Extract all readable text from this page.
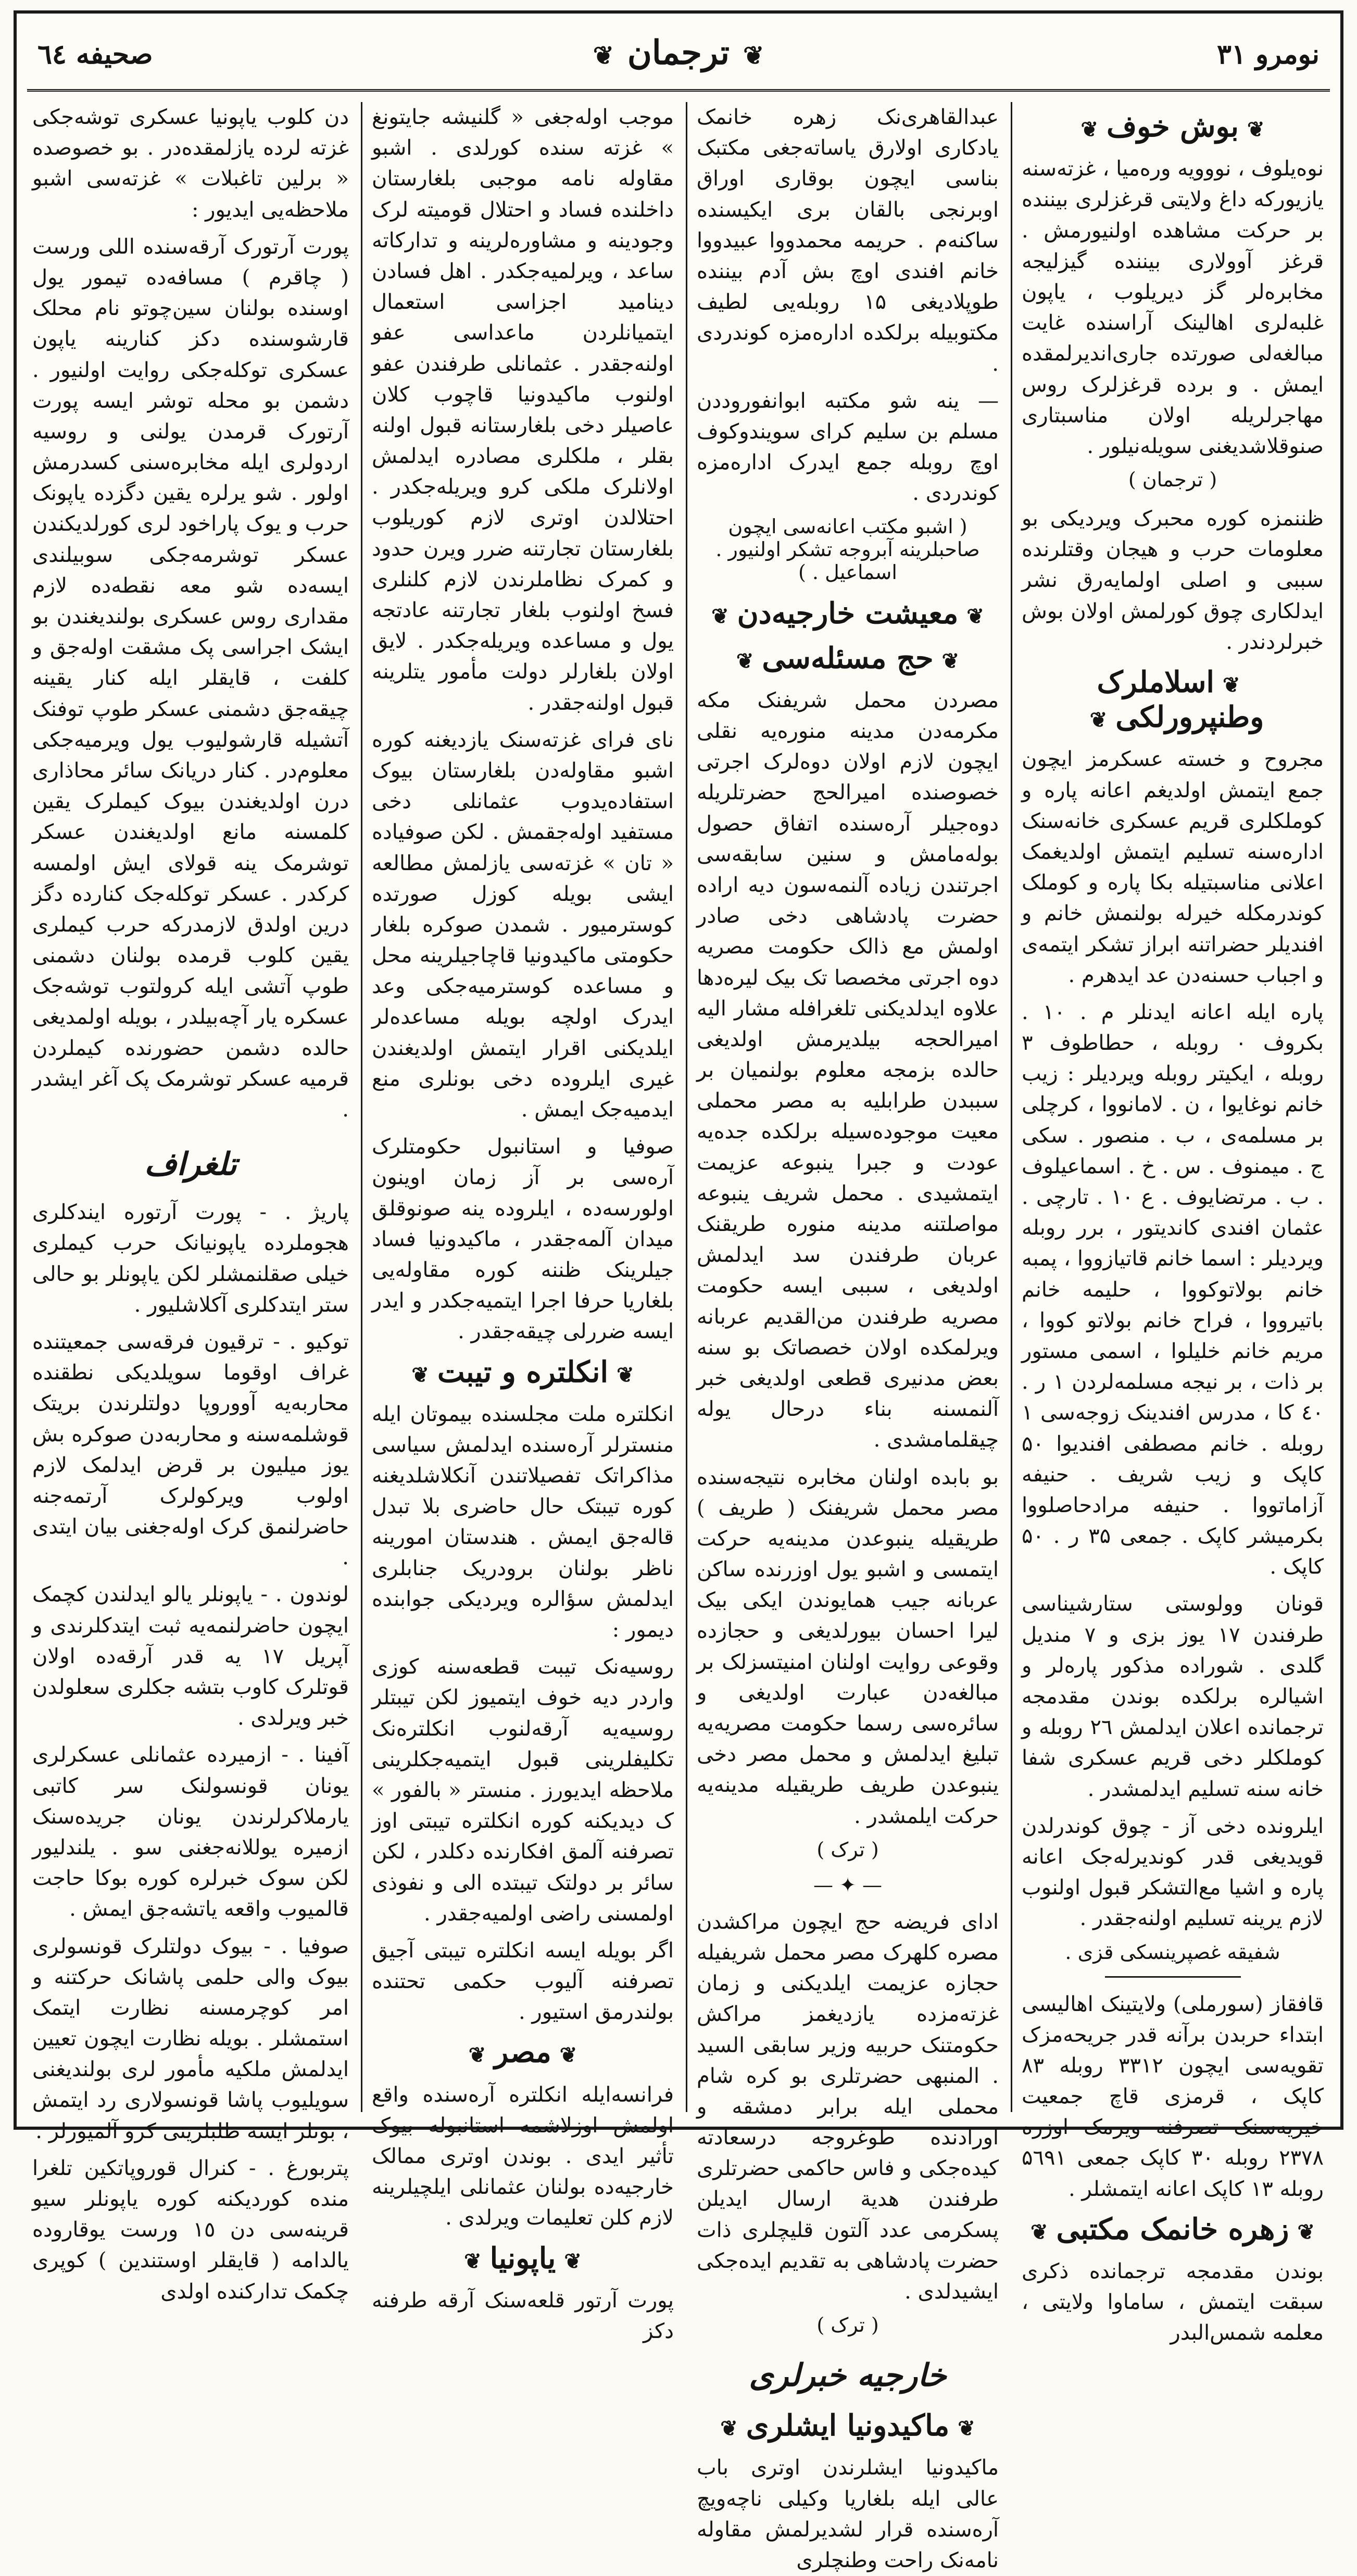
نومرو ٣١
❦ترجمان❦
صحيفه ٦٤
❦بوش خوف❦

نوەیلوف ، نووویه وره‌میا ، غزته‌سنه یازیورکه داغ ولایتی قرغزلری بیننده بر حرکت مشاهده اولنیورمش . قرغز آوولاری بیننده گیزلیجه مخابره‌لر گز دیریلوب ، یاپون غلبه‌لری اهالینک آراسنده غایت مبالغه‌لی صورتده جاری‌اندیرلمقده ایمش . و برده قرغزلرک روس مهاجرلریله اولان مناسبتاری صنوقلاشدیغنی سویله‌نیلور .

( ترجمان )

ظننمزه کوره محبرک ویردیکی بو معلومات حرب و هیجان وقتلرنده سببی و اصلی اولمایه‌رق نشر ایدلکاری چوق کورلمش اولان بوش خبرلردندر .

❦اسلاملرک وطنپرورلکی❦

مجروح و خسته عسکرمز ایچون جمع ایتمش اولدیغم اعانه پاره و کوملکلری قریم عسکری خانه‌سنک اداره‌سنه تسلیم ایتمش اولدیغمک اعلانی مناسبتیله بکا پاره و کوملک کوندرمکله خیرله بولنمش خانم و افندیلر حضراتنه ابراز تشکر ایتمه‌ی و اجباب حسنه‌دن عد ایدهرم .

پاره ایله اعانه ایدنلر م . ۱۰ . بکروف ۰ روبله ، حطاطوف ۳ روبله ، ایکیتر روبله ویردیلر : زیب خانم نوغایوا ، ن . لامانووا ، کرچلی بر مسلمه‌ی ، ب . منصور . سکی ج . میمنوف . س . خ . اسماعیلوف . ب . مرتضایوف . ع ۱۰ . تارچی . عثمان افندی کاندیتور ، برر روبله ویردیلر : اسما خانم قاتیازووا ، پمبه خانم بولاتوکووا ، حلیمه خانم باتیرووا ، فراح خانم بولاتو کووا ، مریم خانم خلیلوا ، اسمی مستور بر ذات ، بر نیجه مسلمه‌لردن ۱ ر . ٤٠ کا ، مدرس افندینک زوجه‌سی ۱ روبله . خانم مصطفی افندیوا ۵۰ کاپک و زیب شریف . حنیفه آزاماتووا . حنیفه مرادحاصلووا بکرمیشر کاپک . جمعی ۳۵ ر . ۵۰ کاپک .

قونان وولوستی ستارشیناسی طرفندن ۱۷ یوز بزی و ۷ مندیل گلدی . شوراده مذکور پارەلر و اشیالره برلکده بوندن مقدمجه ترجمانده اعلان ایدلمش ۲٦ روبله و کوملکلر دخی قریم عسکری شفا خانه سنه تسلیم ایدلمشدر .

ایلرونده دخی آز - چوق کوندرلدن قویدیغی قدر کوندیرله‌جک اعانه پاره و اشیا مع‌التشکر قبول اولنوب لازم یرینه تسلیم اولنه‌جقدر .

شفیقه غصپرینسکی قزی .

قافقاز (سورملی) ولایتینک اهالیسی ابتداء حربدن برآنه قدر جریحه‌مزک تقویه‌سی ایچون ۳۳۱۲ روبله ۸۳ کاپک ، قرمزی قاچ جمعیت خیریه‌سنک تصرفنه ویرمک اوزره ۲۳۷۸ روبله ۳۰ کاپک جمعی ۵٦۹۱ روبله ۱۳ کاپک اعانه ایتمشلر .

❦زهره خانمک مکتبی❦

بوندن مقدمجه ترجمانده ذکری سبقت ایتمش ، ساماوا ولایتی ، معلمه شمس‌البدر

عبدالقاهری‌نک زهره خانمک یادکاری اولارق یاساته‌جغی مکتبک بناسی ایچون بوقاری اوراق اوبرنجی بالقان بری ایکیسنده ساکنه‌م . حریمه محمدووا عبیدووا خانم افندی اوچ بش آدم بیننده طوپلادیغی ۱۵ روبله‌یی لطیف مکتوبیله برلکده اداره‌مزه کوندردی .

— ینه شو مکتبه ابوانفوروددن مسلم بن سلیم کرای سویندوکوف اوچ روبله جمع ایدرک اداره‌مزه کوندردی .

( اشبو مکتب اعانه‌سی ایچون صاحبلرینه آبروجه تشکر اولنیور . اسماعیل . )
❦معیشت خارجیه‌دن❦
❦حج مسئله‌سی❦

مصردن محمل شریفنک مکه مکرمه‌دن مدینه منوره‌یه نقلی ایچون لازم اولان دوه‌لرک اجرتی خصوصنده امیرالحج حضرتلریله دوه‌جیلر آره‌سنده اتفاق حصول بوله‌مامش و سنین سابقه‌سی اجرتندن زیاده آلنمه‌سون دیه اراده حضرت پادشاهی دخی صادر اولمش مع ذالک حکومت مصریه دوه اجرتی مخصصا تک بیک لیره‌دها علاوه ایدلدیکنی تلغرافله مشار الیه امیرالحجه بیلدیرمش اولدیغی حالده بزمجه معلوم بولنمیان بر سببدن طرابلیه به مصر محملی معیت موجوده‌سیله برلکده جده‌یه عودت و جبرا ینبوعه عزیمت ایتمشیدی . محمل شریف ینبوعه مواصلتنه مدینه منوره طریقنک عربان طرفندن سد ایدلمش اولدیغی ، سببی ایسه حکومت مصریه طرفندن من‌القدیم عربانه ویرلمکده اولان خصصاتک بو سنه بعض مدنیری قطعی اولدیغی خبر آلنمسنه بناء درحال یوله چیقلمامشدی .

بو بابده اولنان مخابره نتیجه‌سنده مصر محمل شریفنک ( طریف ) طریقیله ینبوعدن مدینه‌یه حرکت ایتمسی و اشبو یول اوزرنده ساکن عربانه جیب همایوندن ایکی بیک لیرا احسان بیورلدیغی و حجازده وقوعی روایت اولنان امنیتسزلک بر مبالغه‌دن عبارت اولدیغی و سائره‌سی رسما حکومت مصریه‌یه تبلیغ ایدلمش و محمل مصر دخی ینبوعدن طریف طریقیله مدینه‌یه حرکت ایلمشدر .

( ترک )
— ✦ —

ادای فریضه حج ایچون مراکشدن مصره کلهرک مصر محمل شریفیله حجازه عزیمت ایلدیکنی و زمان غزته‌مزده یازدیغمز مراکش حکومتنک حربیه وزیر سابقی السید . المنبهی حضرتلری بو کره شام محملی ایله برابر دمشقه و اورادنده طوغروجه درسعادته کیده‌جکی و فاس حاکمی حضرتلری طرفندن هدیة ارسال ایدیلن پسکرمی عدد آلتون قلیچلری ذات حضرت پادشاهی به تقدیم ایده‌جکی ایشیدلدی .

( ترک )
خارجیه خبرلری
❦ماکیدونیا ایشلری❦

ماکیدونیا ایشلرندن اوتری باب عالی ایله بلغاریا وکیلی ناچه‌ویچ آره‌سنده قرار لشدیرلمش مقاوله نامه‌نک راحت وطنچلری

موجب اوله‌جغی « گلنیشه جایتونغ » غزته سنده کورلدی . اشبو مقاوله نامه موجبی بلغارستان داخلنده فساد و احتلال قومیته لرک وجودینه و مشاوره‌لرینه و تدارکاته ساعد ، ویرلمیه‌جکدر . اهل فسادن دیناميد اجزاسی استعمال ایتمیانلردن ماعدا‌سی عفو اولنه‌جقدر . عثمانلی طرفندن عفو اولنوب ماکیدونیا قاچوب کلان عاصیلر دخی بلغارستانه قبول اولنه بقلر ، ملکلری مصادره ایدلمش اولانلرک ملکی کرو ویریله‌جکدر . احتلالدن اوتری لازم کوریلوب بلغارستان تجارتنه ضرر ویرن حدود و کمرک نظاملرندن لازم کلنلری فسخ اولنوب بلغار تجارتنه عادتجه یول و مساعده ویریله‌جکدر . لایق اولان بلغارلر دولت مأمور یتلرینه قبول اولنه‌جقدر .

نای فرای غزته‌سنک یازدیغنه کوره اشبو مقاوله‌دن بلغارستان بیوک استفاده‌یدوب عثمانلی دخی مستفید اوله‌جقمش . لکن صوفیاده « تان » غزته‌سی یازلمش مطالعه ایشی بویله کوزل صورتده کوسترمیور . شمدن صوکره بلغار حکومتی ماکیدونیا قاچاجیلرینه محل و مساعده کوسترمیه‌جکی وعد ایدرک اولچه بویله مساعده‌لر ایلدیکنی اقرار ایتمش اولدیغندن غیری ایلروده دخی بونلری منع ایدمیه‌جک ایمش .

صوفیا و استانبول حکومتلرک آره‌سی بر آز زمان اوینون اولورسه‌ده ، ایلروده ینه صونوقلق میدان آلمه‌جقدر ، ماکیدونیا فساد جیلرینک ظننه کوره مقاوله‌یی بلغاریا حرفا اجرا ایتمیه‌جکدر و ایدر ایسه ضررلی چیقه‌جقدر .

❦انکلتره و تیبت❦

انکلتره ملت مجلسنده بیموتان ایله منسترلر آره‌سنده ایدلمش سیاسی مذاکراتک تفصیلاتندن آنکلاشلدیغنه کوره تیبتک حال حاضری بلا تبدل قاله‌جق ایمش . هندستان امورینه ناظر بولنان برودریک جنابلری ایدلمش سؤالره ویردیکی جوابنده دیمور :

روسیه‌نک تیبت قطعه‌سنه کوزی واردر دیه خوف ایتمیوز لکن تیبتلر روسیه‌یه آرقه‌لنوب انکلتره‌نک تکلیفلرینی قبول ایتمیه‌جکلرینی ملاحظه ایدیورز . منستر « بالفور » ک دیدیکنه کوره انکلتره تیبتی اوز تصرفنه آلمق افکارنده دکلدر ، لکن سائر بر دولتک تیبتده الی و نفوذی اولمسنی راضی اولمیه‌جقدر .

اگر بویله ایسه انکلتره تیبتی آجیق تصرفنه آلیوب حکمی تحتنده بولندرمق استیور .

❦مصر❦

فرانسه‌ایله انکلتره آره‌سنده واقع اولمش اوزلاشمه استانبوله بیوک تأثیر ایدی . بوندن اوتری ممالک خارجیه‌ده بولنان عثمانلی ایلچیلرینه لازم کلن تعلیمات ویرلدی .

❦یاپونیا❦

پورت آرتور قلعه‌سنک آرقه طرفنه دکز

دن کلوب یاپونیا عسکری توشه‌جکی غزته لرده یازلمقده‌در . بو خصوصده « برلین تاغبلات » غزته‌سی اشبو ملاحظه‌یی ایدیور :

پورت آرتورک آرقه‌سنده اللی ورست ( چاقرم ) مسافه‌ده تیمور یول اوسنده بولنان سین‌چوتو نام محلک قارشوسنده دکز کنارینه یاپون عسکری توکله‌جکی روایت اولنیور . دشمن بو محله توشر ایسه پورت آرتورک قرمدن یولنی و روسیه اردولری ایله مخابره‌سنی کسدرمش اولور . شو یرلره یقین دگزده یاپونک حرب و یوک پاراخود لری کورلدیکندن عسکر توشرمه‌جکی سوبیلندی ایسه‌ده شو معه نقطه‌ده لازم مقداری روس عسکری بولندیغندن بو ایشک اجراسی پک مشقت اوله‌جق و کلفت ، قایقلر ایله کنار یقینه چیقه‌جق دشمنی عسکر طوپ توفنک آتشیله قارشولیوب یول ویرمیه‌جکی معلوم‌در . کنار دریانک سائر محاذاری درن اولدیغندن بیوک کیملرک یقین کلمسنه مانع اولدیغندن عسکر توشرمک ینه قولای ایش اولمسه کرکدر . عسکر توکله‌جک کنارده دگز درین اولدق لازمدرکه حرب کیملری یقین کلوب قرمده بولنان دشمنی طوپ آتشی ایله کرولتوب توشه‌جک عسکره یار آچه‌بیلدر ، بویله اولمدیغی حالده دشمن حضورنده کیملردن قرمیه عسکر توشرمک پک آغر ایشدر .

تلغراف

پاریژ . - پورت آرتوره ایندکلری هجوملرده یاپونیانک حرب کیملری خیلی صقلنمشلر لکن یاپونلر بو حالی ستر ایتدکلری آکلاشلیور .

توکیو . - ترقیون فرقه‌سی جمعیتنده غراف اوقوما سویلدیکی نطقنده محاربه‌یه آووروپا دولتلرندن بریتک قوشلمه‌سنه و محاربه‌دن صوکره بش یوز میلیون بر قرض ایدلمک لازم اولوب ویرکولرک آرتمه‌جنه حاضرلنمق کرک اوله‌جغنی بیان ایتدی .

لوندون . - یاپونلر یالو ایدلندن کچمک ایچون حاضرلنمه‌یه ثبت ایتدکلرندی و آپریل ۱۷ یه قدر آرقه‌ده اولان قوتلرک کاوب بتشه جکلری سعلولدن خبر ویرلدی .

آفینا . - ازمیرده عثمانلی عسکرلری یونان قونسولنک سر کاتبی یارملاکرلرندن یونان جریده‌سنک ازمیره یوللانه‌جغنی سو . یلندلیور لکن سوک خبرلره کوره بوکا حاجت قالمیوب واقعه یاتشه‌جق ایمش .

صوفیا . - بیوک دولتلرک قونسولری بیوک والی حلمی پاشانک حرکتنه و امر کوچرمسنه نظارت ایتمک استمشلر . بویله نظارت ایچون تعیین ایدلمش ملکیه مأمور لری بولندیغنی سویلیوب پاشا قونسولاری رد ایتمش ، بونلر ایسه طلبلرینی کرو آلمیورلر .

پتربورغ . - کنرال قوروپاتکین تلغرا منده کوردیکنه کوره یاپونلر سیو قرینه‌سی دن ۱٥ ورست یوقاروده یالدامه ( قایقلر اوستندین ) کوپری چکمک تدارکنده اولدی
